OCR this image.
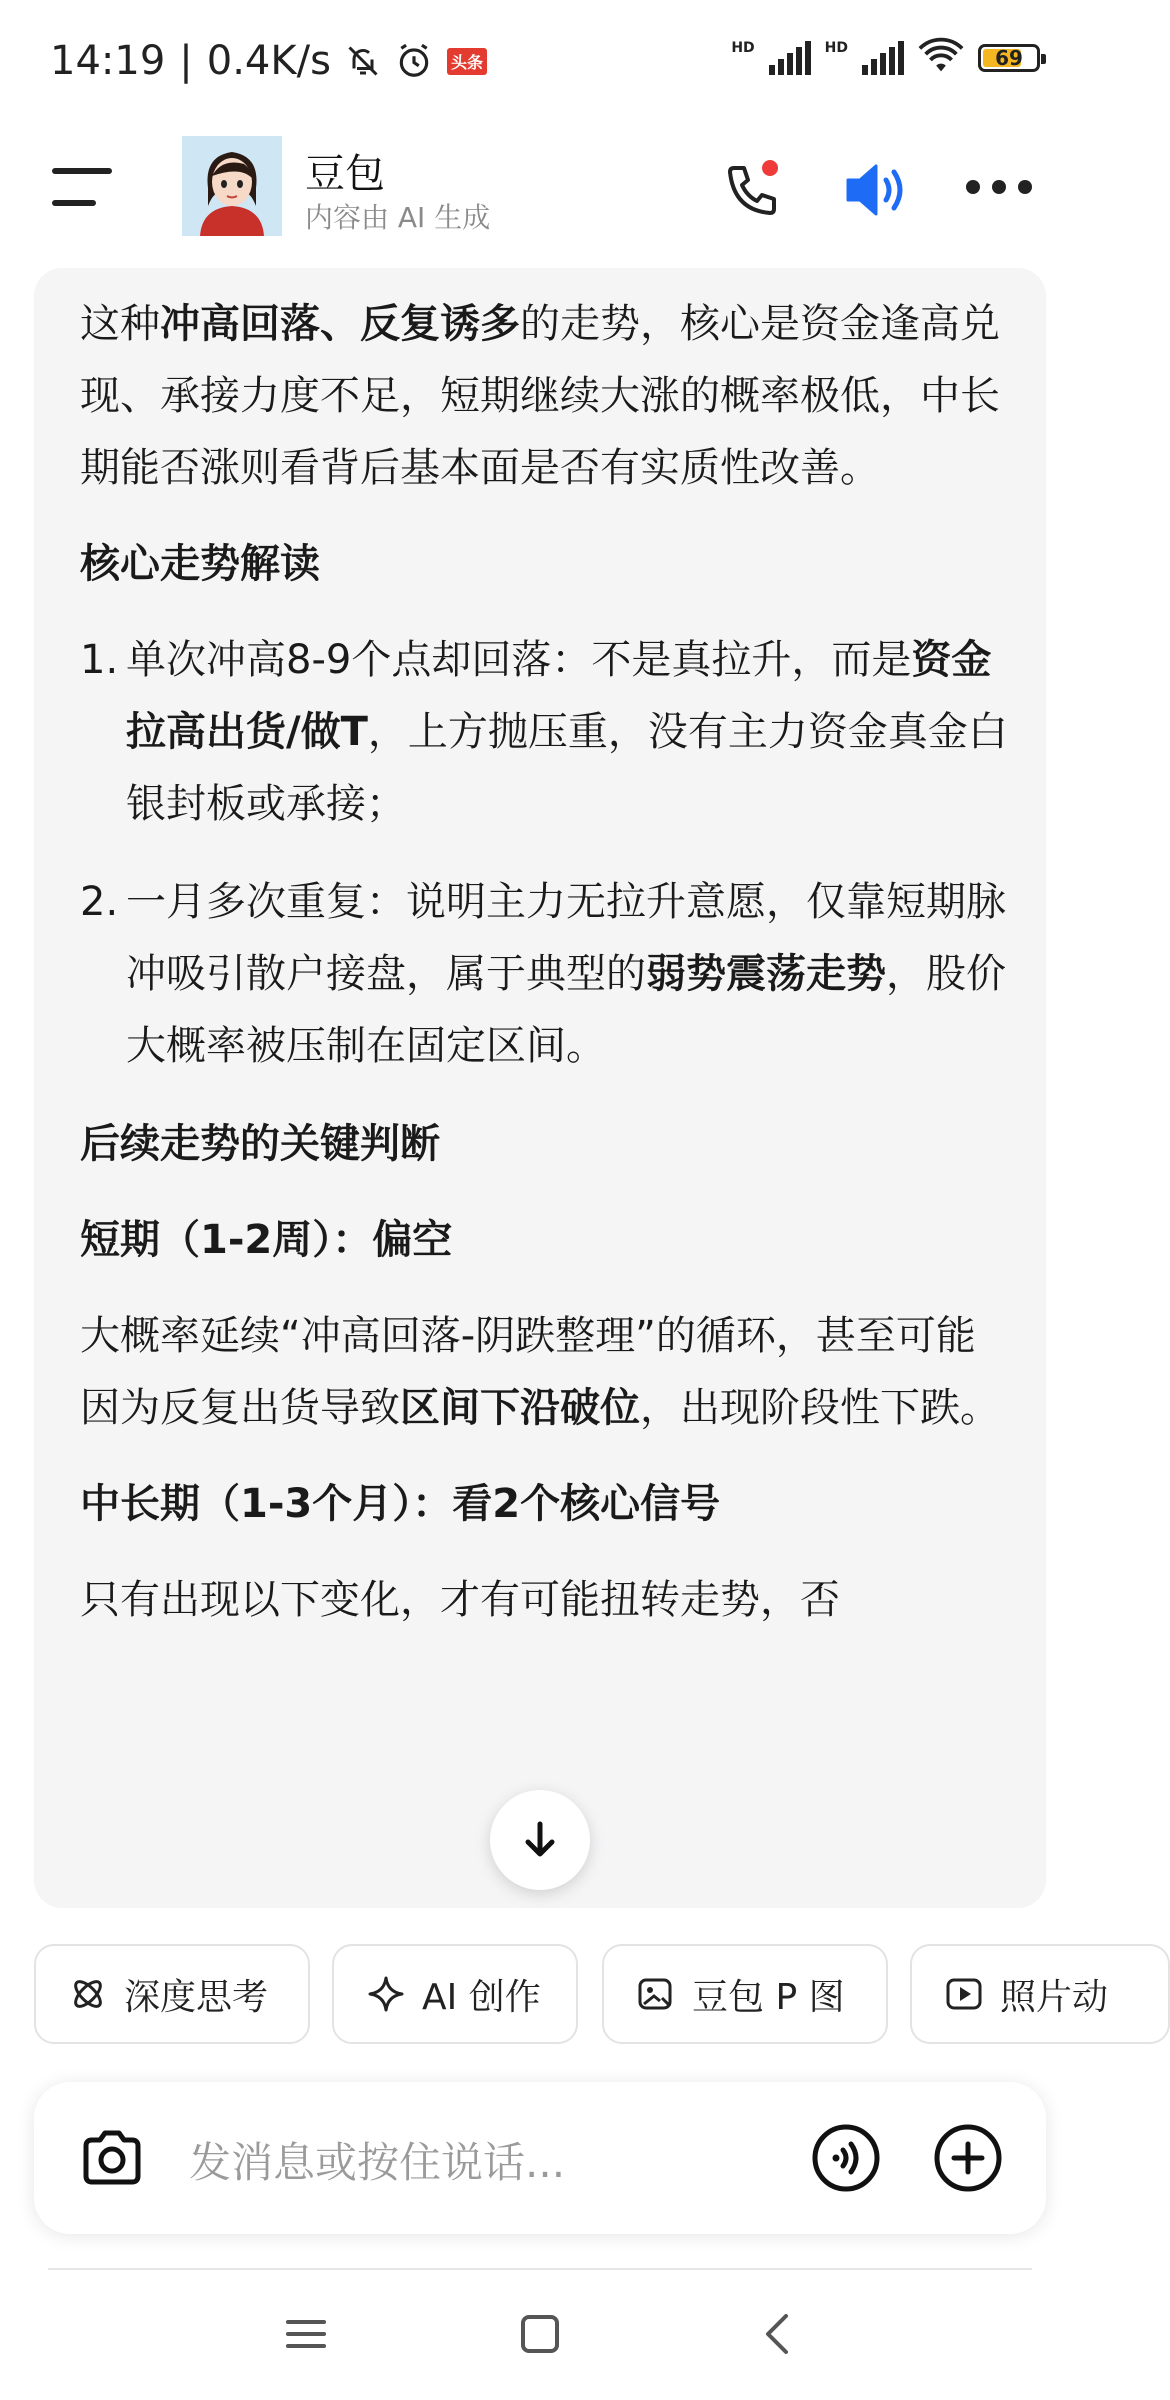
14:19 | 0.4K/s	头条
HD	HD	69
豆包
内容由 AI 生成

这种冲高回落、反复诱多的走势，核心是资金逢高兑现、承接力度不足，短期继续大涨的概率极低，中长期能否涨则看背后基本面是否有实质性改善。

核心走势解读

1. 单次冲高8-9个点却回落：不是真拉升，而是资金拉高出货/做T，上方抛压重，没有主力资金真金白银封板或承接；
2. 一月多次重复：说明主力无拉升意愿，仅靠短期脉冲吸引散户接盘，属于典型的弱势震荡走势，股价大概率被压制在固定区间。

后续走势的关键判断

短期（1-2周）：偏空

大概率延续“冲高回落-阴跌整理”的循环，甚至可能因为反复出货导致区间下沿破位，出现阶段性下跌。

中长期（1-3个月）：看2个核心信号

只有出现以下变化，才有可能扭转走势，否

深度思考	AI 创作	豆包 P 图	照片动
发消息或按住说话...
